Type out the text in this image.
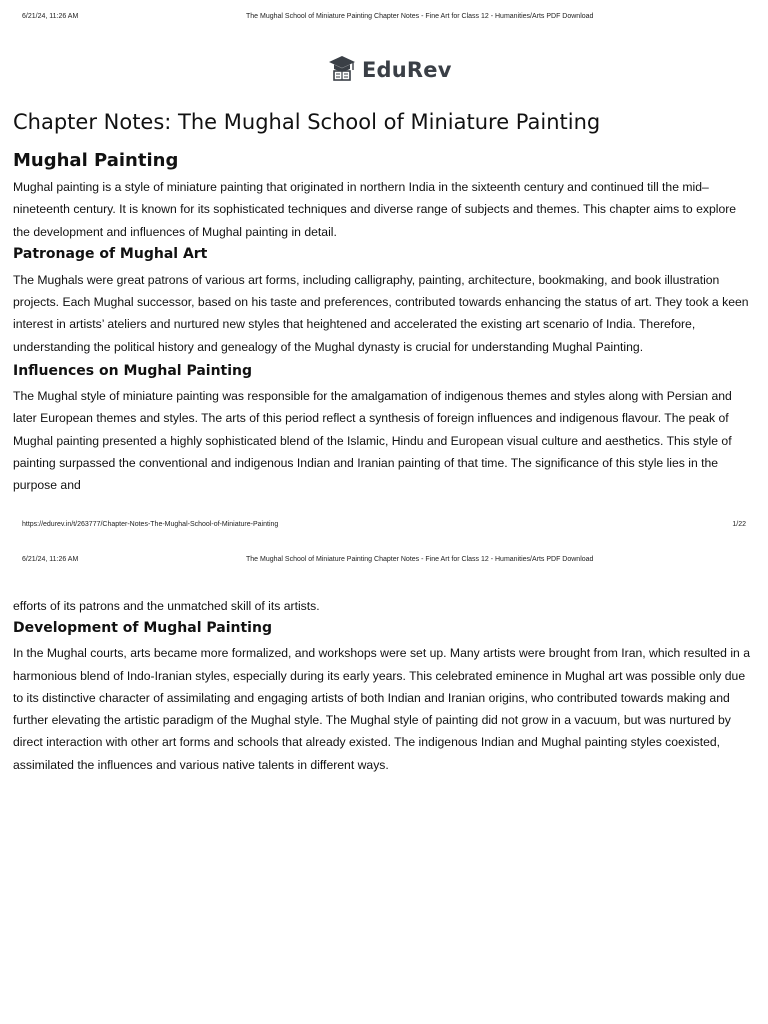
6/21/24, 11:26 AM	The Mughal School of Miniature Painting Chapter Notes - Fine Art for Class 12 - Humanities/Arts PDF Download
EduRev
Chapter Notes: The Mughal School of Miniature Painting
Mughal Painting

Mughal painting is a style of miniature painting that originated in northern India in the sixteenth century and continued till the mid–nineteenth century. It is known for its sophisticated techniques and diverse range of subjects and themes. This chapter aims to explore the development and influences of Mughal painting in detail.

Patronage of Mughal Art

The Mughals were great patrons of various art forms, including calligraphy, painting, architecture, bookmaking, and book illustration projects. Each Mughal successor, based on his taste and preferences, contributed towards enhancing the status of art. They took a keen interest in artists’ ateliers and nurtured new styles that heightened and accelerated the existing art scenario of India. Therefore, understanding the political history and genealogy of the Mughal dynasty is crucial for understanding Mughal Painting.

Influences on Mughal Painting

The Mughal style of miniature painting was responsible for the amalgamation of indigenous themes and styles along with Persian and later European themes and styles. The arts of this period reflect a synthesis of foreign influences and indigenous flavour. The peak of Mughal painting presented a highly sophisticated blend of the Islamic, Hindu and European visual culture and aesthetics. This style of painting surpassed the conventional and indigenous Indian and Iranian painting of that time. The significance of this style lies in the purpose and

https://edurev.in/t/263777/Chapter-Notes-The-Mughal-School-of-Miniature-Painting	1/22
6/21/24, 11:26 AM	The Mughal School of Miniature Painting Chapter Notes - Fine Art for Class 12 - Humanities/Arts PDF Download

efforts of its patrons and the unmatched skill of its artists.

Development of Mughal Painting

In the Mughal courts, arts became more formalized, and workshops were set up. Many artists were brought from Iran, which resulted in a harmonious blend of Indo-Iranian styles, especially during its early years. This celebrated eminence in Mughal art was possible only due to its distinctive character of assimilating and engaging artists of both Indian and Iranian origins, who contributed towards making and further elevating the artistic paradigm of the Mughal style. The Mughal style of painting did not grow in a vacuum, but was nurtured by direct interaction with other art forms and schools that already existed. The indigenous Indian and Mughal painting styles coexisted, assimilated the influences and various native talents in different ways.
